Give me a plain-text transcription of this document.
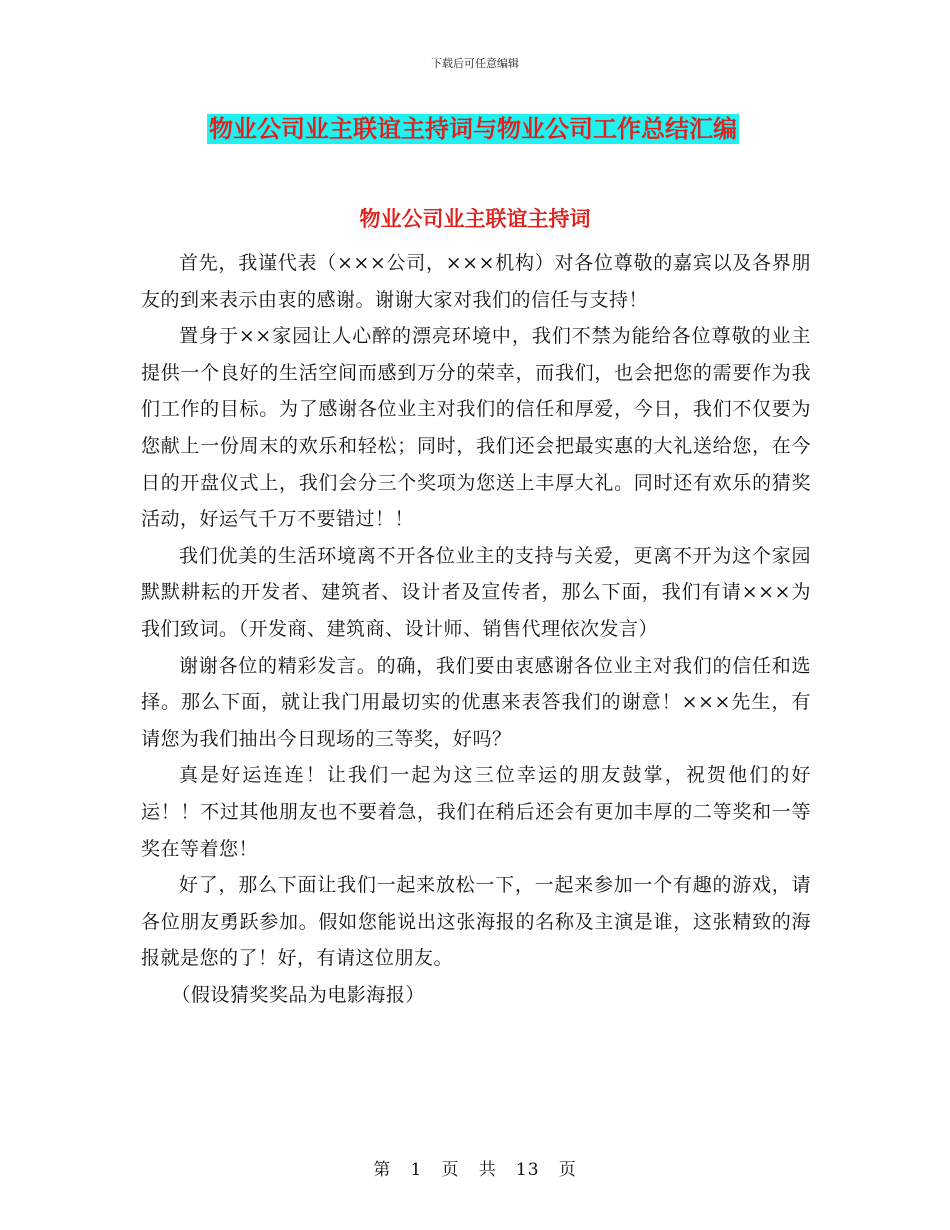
下载后可任意编辑
物业公司业主联谊主持词与物业公司工作总结汇编
物业公司业主联谊主持词

首先，我谨代表（×××公司，×××机构）对各位尊敬的嘉宾以及各界朋友的到来表示由衷的感谢。谢谢大家对我们的信任与支持！

置身于××家园让人心醉的漂亮环境中，我们不禁为能给各位尊敬的业主提供一个良好的生活空间而感到万分的荣幸，而我们，也会把您的需要作为我们工作的目标。为了感谢各位业主对我们的信任和厚爱，今日，我们不仅要为您献上一份周末的欢乐和轻松；同时，我们还会把最实惠的大礼送给您，在今日的开盘仪式上，我们会分三个奖项为您送上丰厚大礼。同时还有欢乐的猜奖活动，好运气千万不要错过！！

我们优美的生活环境离不开各位业主的支持与关爱，更离不开为这个家园默默耕耘的开发者、建筑者、设计者及宣传者，那么下面，我们有请×××为我们致词。（开发商、建筑商、设计师、销售代理依次发言）

谢谢各位的精彩发言。的确，我们要由衷感谢各位业主对我们的信任和选择。那么下面，就让我门用最切实的优惠来表答我们的谢意！×××先生，有请您为我们抽出今日现场的三等奖，好吗？

真是好运连连！让我们一起为这三位幸运的朋友鼓掌，祝贺他们的好运！！不过其他朋友也不要着急，我们在稍后还会有更加丰厚的二等奖和一等奖在等着您！

好了，那么下面让我们一起来放松一下，一起来参加一个有趣的游戏，请各位朋友勇跃参加。假如您能说出这张海报的名称及主演是谁，这张精致的海报就是您的了！好，有请这位朋友。

（假设猜奖奖品为电影海报）

第 1 页 共 13 页
